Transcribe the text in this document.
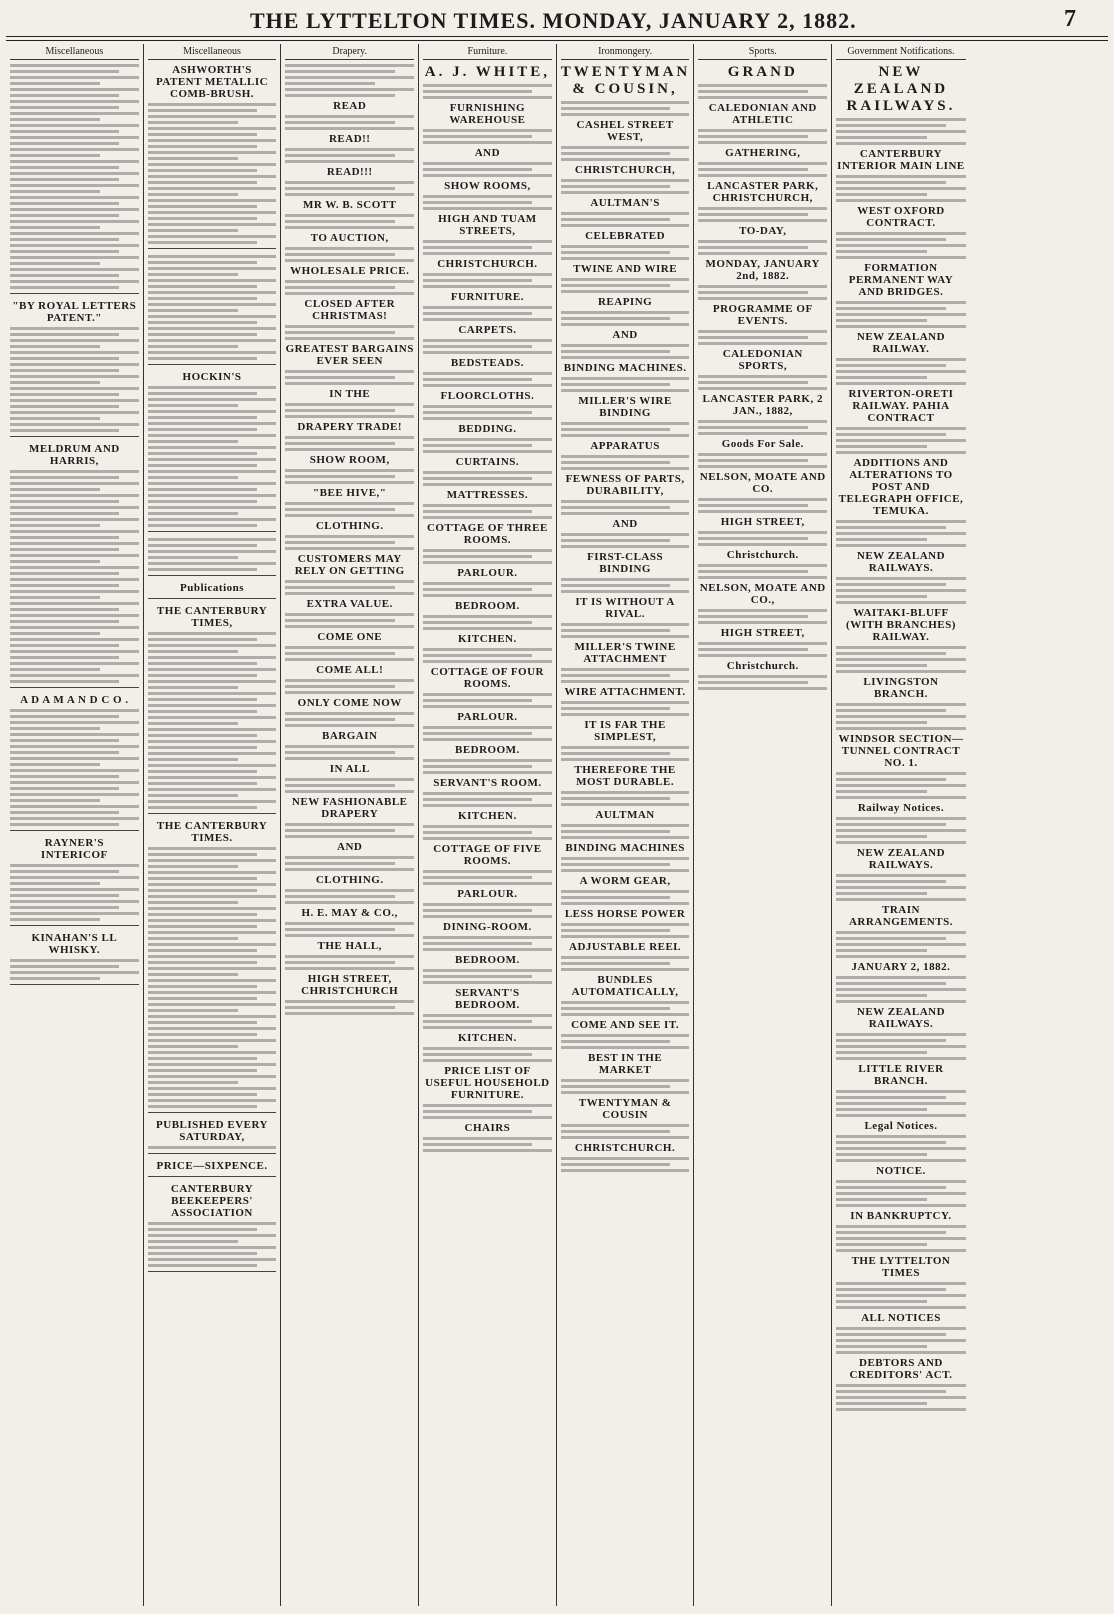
THE LYTTELTON TIMES. MONDAY, JANUARY 2, 1882.	7
Miscellaneous
"BY ROYAL LETTERS PATENT."
MELDRUM AND HARRIS,
A D A M A N D C O .
RAYNER'S INTERICOF
KINAHAN'S LL WHISKY.
Miscellaneous
ASHWORTH'S PATENT METALLIC COMB-BRUSH.
HOCKIN'S
Publications
THE CANTERBURY TIMES,
THE CANTERBURY TIMES.
PUBLISHED EVERY SATURDAY,
PRICE—SIXPENCE.
CANTERBURY BEEKEEPERS' ASSOCIATION
Drapery.
READ
READ!!
READ!!!
MR W. B. SCOTT
TO AUCTION,
WHOLESALE PRICE.
CLOSED AFTER CHRISTMAS!
GREATEST BARGAINS EVER SEEN
IN THE
DRAPERY TRADE!
SHOW ROOM,
"BEE HIVE,"
CLOTHING.
CUSTOMERS MAY RELY ON GETTING
EXTRA VALUE.
COME ONE
COME ALL!
ONLY COME NOW
BARGAIN
IN ALL
NEW FASHIONABLE DRAPERY
AND
CLOTHING.
H. E. MAY & CO.,
THE HALL,
HIGH STREET, CHRISTCHURCH
Furniture.
A. J. WHITE,
FURNISHING WAREHOUSE
AND
SHOW ROOMS,
HIGH AND TUAM STREETS,
CHRISTCHURCH.
FURNITURE.
CARPETS.
BEDSTEADS.
FLOORCLOTHS.
BEDDING.
CURTAINS.
MATTRESSES.
COTTAGE OF THREE ROOMS.
PARLOUR.
BEDROOM.
KITCHEN.
COTTAGE OF FOUR ROOMS.
PARLOUR.
BEDROOM.
SERVANT'S ROOM.
KITCHEN.
COTTAGE OF FIVE ROOMS.
PARLOUR.
DINING-ROOM.
BEDROOM.
SERVANT'S BEDROOM.
KITCHEN.
PRICE LIST OF USEFUL HOUSEHOLD FURNITURE.
CHAIRS
Ironmongery.
TWENTYMAN & COUSIN,
CASHEL STREET WEST,
CHRISTCHURCH,
AULTMAN'S
CELEBRATED
TWINE AND WIRE
REAPING
AND
BINDING MACHINES.
MILLER'S WIRE BINDING
APPARATUS
FEWNESS OF PARTS, DURABILITY,
AND
FIRST-CLASS BINDING
IT IS WITHOUT A RIVAL.
MILLER'S TWINE ATTACHMENT
WIRE ATTACHMENT.
IT IS FAR THE SIMPLEST,
THEREFORE THE MOST DURABLE.
AULTMAN
BINDING MACHINES
A WORM GEAR,
LESS HORSE POWER
ADJUSTABLE REEL
BUNDLES AUTOMATICALLY,
COME AND SEE IT.
BEST IN THE MARKET
TWENTYMAN & COUSIN
CHRISTCHURCH.
Sports.
GRAND
CALEDONIAN AND ATHLETIC
GATHERING,
LANCASTER PARK, CHRISTCHURCH,
TO-DAY,
MONDAY, JANUARY 2nd, 1882.
PROGRAMME OF EVENTS.
CALEDONIAN SPORTS,
LANCASTER PARK, 2 JAN., 1882,
Goods For Sale.
NELSON, MOATE AND CO.
HIGH STREET,
Christchurch.
NELSON, MOATE AND CO.,
HIGH STREET,
Christchurch.
Government Notifications.
NEW ZEALAND RAILWAYS.
CANTERBURY INTERIOR MAIN LINE
WEST OXFORD CONTRACT.
FORMATION PERMANENT WAY AND BRIDGES.
NEW ZEALAND RAILWAY.
RIVERTON-ORETI RAILWAY. PAHIA CONTRACT
ADDITIONS AND ALTERATIONS TO POST AND TELEGRAPH OFFICE, TEMUKA.
NEW ZEALAND RAILWAYS.
WAITAKI-BLUFF (WITH BRANCHES) RAILWAY.
LIVINGSTON BRANCH.
WINDSOR SECTION—TUNNEL CONTRACT NO. 1.
Railway Notices.
NEW ZEALAND RAILWAYS.
TRAIN ARRANGEMENTS.
JANUARY 2, 1882.
NEW ZEALAND RAILWAYS.
LITTLE RIVER BRANCH.
Legal Notices.
NOTICE.
IN BANKRUPTCY.
THE LYTTELTON TIMES
ALL NOTICES
DEBTORS AND CREDITORS' ACT.
